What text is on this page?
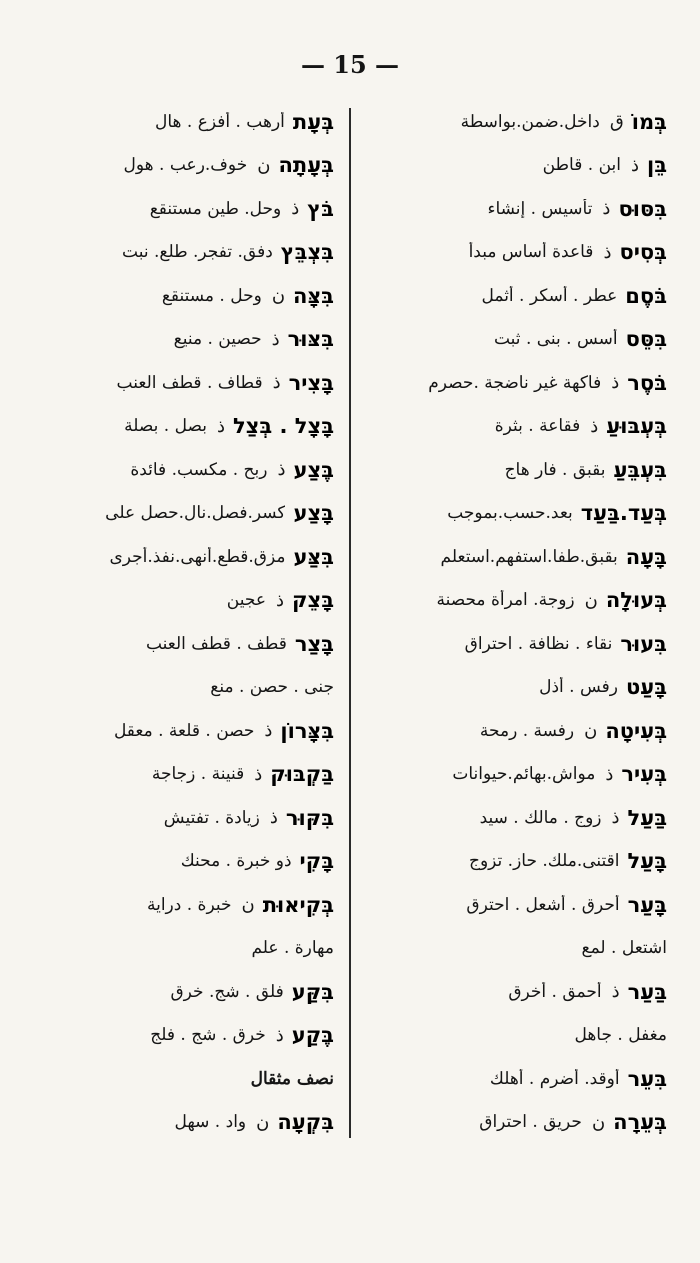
— 15 —
בְּמוֹ
ق
داخل.ضمن.بواسطة
בֵּן
ذ
ابن . قاطن
בִּסּוּס
ذ
تأسيس . إنشاء
בְּסִיס
ذ
قاعدة أساس مبدأ
בֹּסֶם
عطر . أسكر . أثمل
בִּסֵּס
أسس . بنى . ثبت
בֹּסֶר
ذ
فاكهة غير ناضجة .حصرم
בְּעְבּוּעַ
ذ
فقاعة . بثرة
בִּעְבֵּעַ
بقبق . فار هاج
בְּעַד.בַּעַד
بعد.حسب.بموجب
בָּעָה
بقبق.طفا.استفهم.استعلم
בְּעוּלָה
ن
زوجة. امرأة محصنة
בִּעוּר
نقاء . نظافة . احتراق
בָּעַט
رفس . أذل
בְּעִיטָה
ن
رفسة . رمحة
בְּעִיר
ذ
مواش.بهائم.حيوانات
בַּעַל
ذ
زوج . مالك . سيد
בָּעַל
اقتنى.ملك. حاز. تزوج
בָּעַר
أحرق . أشعل . احترق
اشتعل . لمع
בַּעַר
ذ
أحمق . أخرق
مغفل . جاهل
בִּעֵר
أوقد. أضرم . أهلك
בְּעֵרָה
ن
حريق . احتراق
בְּעָת
أرهب . أفزع . هال
בְּעָתָה
ن
خوف.رعب . هول
בֹּץ
ذ
وحل. طين مستنقع
בִּצְבֵּץ
دفق. تفجر. طلع. نبت
בִּצָּה
ن
وحل . مستنقع
בִּצּוּר
ذ
حصين . منيع
בָּצִיר
ذ
قطاف . قطف العنب
בָּצָל . בְּצַל
ذ
بصل . بصلة
בֶּצַע
ذ
ربح . مكسب. فائدة
בָּצַע
كسر.فصل.نال.حصل على
בִּצַּע
مزق.قطع.أنهى.نفذ.أجرى
בָּצֵק
ذ
عجين
בָּצַר
قطف . قطف العنب
جنى . حصن . منع
בִּצָּרוֹן
ذ
حصن . قلعة . معقل
בַּקְבּוּק
ذ
قنينة . زجاجة
בִּקּוּר
ذ
زيادة . تفتيش
בָּקִי
ذو خبرة . محنك
בְּקִיאוּת
ن
خبرة . دراية
مهارة . علم
בִּקַּע
فلق . شج. خرق
בֶּקַע
ذ
خرق . شج . فلج
نصف مثقال
בִּקְעָה
ن
واد . سهل
